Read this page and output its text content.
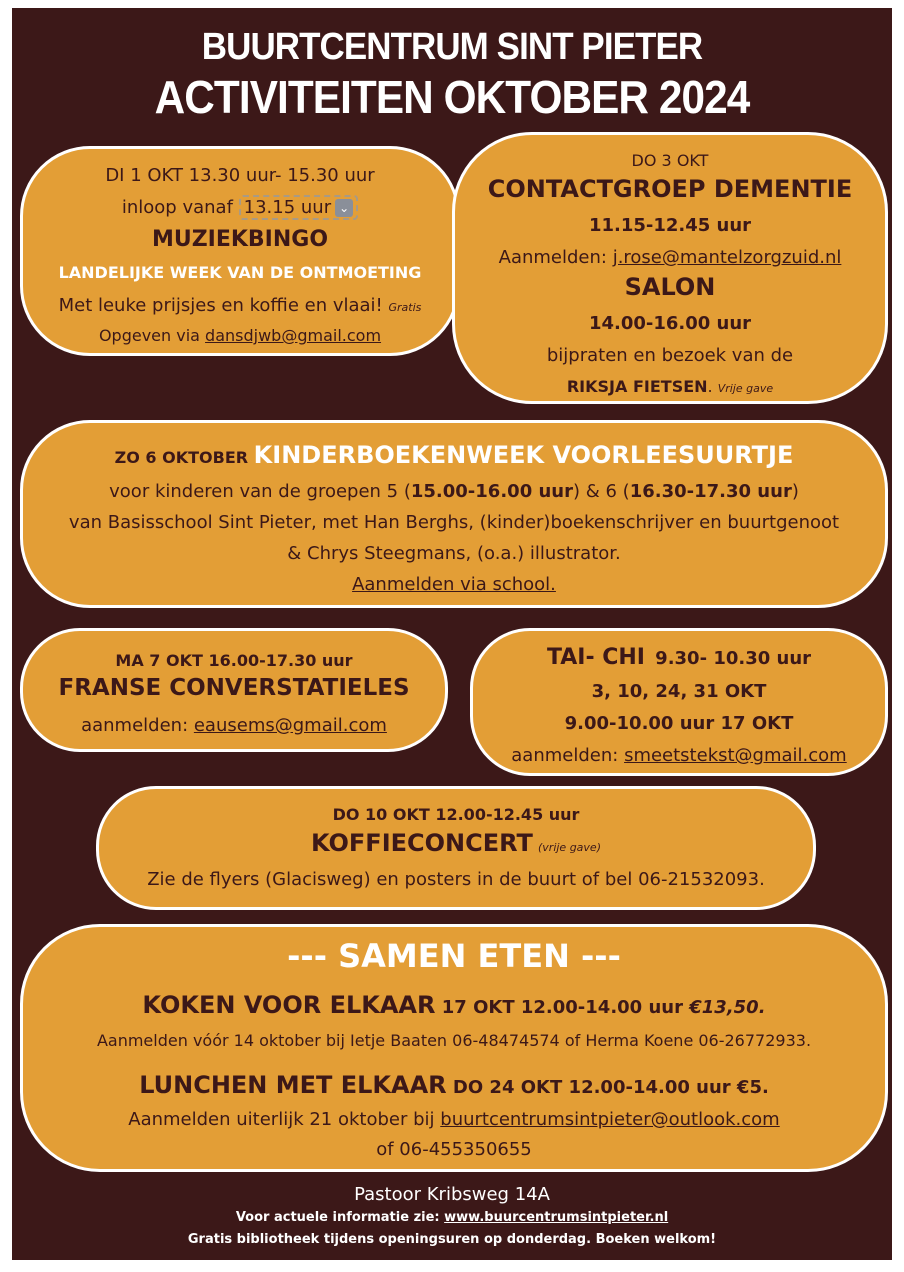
BUURTCENTRUM SINT PIETER
ACTIVITEITEN OKTOBER 2024
DI 1 OKT 13.30 uur- 15.30 uur
inloop vanaf 13.15 uur ⌄
MUZIEKBINGO
LANDELIJKE WEEK VAN DE ONTMOETING
Met leuke prijsjes en koffie en vlaai! Gratis
Opgeven via dansdjwb@gmail.com
DO 3 OKT
CONTACTGROEP DEMENTIE
11.15-12.45 uur
Aanmelden: j.rose@mantelzorgzuid.nl
SALON
14.00-16.00 uur
bijpraten en bezoek van de
RIKSJA FIETSEN. Vrije gave
ZO 6 OKTOBER KINDERBOEKENWEEK VOORLEESUURTJE
voor kinderen van de groepen 5 (15.00-16.00 uur) & 6 (16.30-17.30 uur)
van Basisschool Sint Pieter, met Han Berghs, (kinder)boekenschrijver en buurtgenoot
& Chrys Steegmans, (o.a.) illustrator.
Aanmelden via school.
MA 7 OKT 16.00-17.30 uur
FRANSE CONVERSTATIELES
aanmelden: eausems@gmail.com
TAI- CHI 9.30- 10.30 uur
3, 10, 24, 31 OKT
9.00-10.00 uur 17 OKT
aanmelden: smeetstekst@gmail.com
DO 10 OKT 12.00-12.45 uur
KOFFIECONCERT (vrije gave)
Zie de flyers (Glacisweg) en posters in de buurt of bel 06-21532093.
--- SAMEN ETEN ---
KOKEN VOOR ELKAAR 17 OKT 12.00-14.00 uur €13,50.
Aanmelden vóór 14 oktober bij Ietje Baaten 06-48474574 of Herma Koene 06-26772933.
LUNCHEN MET ELKAAR DO 24 OKT 12.00-14.00 uur €5.
Aanmelden uiterlijk 21 oktober bij buurtcentrumsintpieter@outlook.com
of 06-455350655
Pastoor Kribsweg 14A
Voor actuele informatie zie: www.buurcentrumsintpieter.nl
Gratis bibliotheek tijdens openingsuren op donderdag. Boeken welkom!
